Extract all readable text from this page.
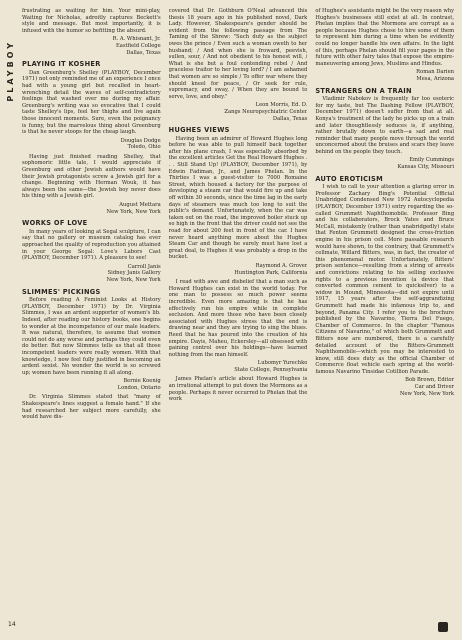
PLAYBOY

frustrating as waiting for him. Your mini-play, Waiting for Nicholas, adroitly captures Beckett's style and message. But most importantly, it is infused with the humor so befitting the absurd.

R. A. Whisnant, Jr.
Eastfield College
Dallas, Texas
PLAYING IT KOSHER

Dan Greenburg's Shelley (PLAYBOY, December 1971) not only reminded me of an experience I once had with a young girl but recalled in heart-wrenching detail the waves of self-contradictory feelings that washed over me during my affair. Greenburg's writing was so evocative that I could taste Shelley's lips, feel her thighs and live again those innocent moments. Sure, even the poignancy is funny, but the marvelous thing about Greenburg is that he never stoops for the cheap laugh.

Douglas Dodge
Toledo, Ohio

Having just finished reading Shelley, that sophomoric little tale, I would appreciate if Greenburg and other Jewish authors would have their Jewish protagonists screw a Jewish girl for a change. Beginning with Herman Wouk, it has always been the same—the Jewish boy never does his thing with a Jewish girl.

August Mettara
New York, New York
WORKS OF LOVE

In many years of looking at Segal sculpture, I can say that no gallery or museum catalog has ever approached the quality of reproduction you attained in your George Segal: Love's Labors Cast (PLAYBOY, December 1971). A pleasure to see!

Carroll Janis
Sidney Janis Gallery
New York, New York
SLIMMES' PICKINGS

Before reading A Feminist Looks at History (PLAYBOY, December 1971) by Dr. Virginia Slimmes, I was an ardent supporter of women's lib. Indeed, after reading our history books, one begins to wonder at the incompetence of our male leaders. It was natural, therefore, to assume that women could not do any worse and perhaps they could even do better. But now Slimmes tells us that all those incompetent leaders were really women. With that knowledge, I now feel fully justified in becoming an ardent sexist. No wonder the world is so screwed up; women have been running it all along.

Bernie Koenig
London, Ontario

Dr. Virginia Slimmes stated that "many of Shakespeare's lines suggest a female hand." If she had researched her subject more carefully, she would have dis-

covered that Dr. Gothburn O'Neal advanced this thesis 18 years ago in his published novel, Dark Lady. However, Shakespeare's gender should be evident from the following passage from The Taming of the Shrew: "Such duty as the subject owes the prince / Even such a woman oweth to her husband; / And when she is froward, peevish, sullen, sour, / And not obedient to his honest will, / What is she but a foul contending rebel / And graceless traitor to her loving lord? / I am ashamed that women are so simple / To offer war where they should kneel for peace, / Or seek for rule, supremacy, and sway, / When they are bound to serve, love, and obey."

Leon Morris, Ed. D.
Zangs Neuropsychiatric Center
Dallas, Texas
HUGHES VIEWS

Having been an admirer of Howard Hughes long before he was able to pull himself back together after his plane crash, I was especially absorbed by the excellent articles Get the Real Howard Hughes . . . Still Stand Up! (PLAYBOY, December 1971), by Edwin Fadiman, Jr., and James Phelan. In the Thirties I was a guest-visitor to 7000 Romaine Street, which housed a factory for the purpose of developing a steam car that would fire up and take off within 30 seconds, since the time lag in the early days of steamers was much too long to suit the public's demand. Unfortunately, when the car was taken out on the road, the improved boiler stuck up so high in the front that the driver could not see the road for about 200 feet in front of the car. I have never heard anything more about the Hughes Steam Car and though he surely must have lost a great deal, to Hughes it was probably a drop in the bucket.

Raymond A. Grover
Huntington Park, California

I read with awe and disbelief that a man such as Howard Hughes can exist in the world today. For one man to possess so much power seems incredible. Even more amazing is that he has effectively run his empire while in complete seclusion. And more those who have been closely associated with Hughes stress that the end is drawing near and they are trying to sing the blues. Reed that he has poured into the creation of his empire. Dayis, Maheu, Eckersley—all obsessed with gaining control over his holdings—have learned nothing from the man himself.

Lubomyr Yurechko
State College, Pennsylvania

James Phelan's article about Howard Hughes is an irrational attempt to put down the Mormons as a people. Perhaps it never occurred to Phelan that the work

of Hughes's assistants might be the very reason why Hughes's businesses still exist at all. In contrast, Phelan implies that the Mormons are corrupt as a people because Hughes chose to hire some of them to represent him during a time when he evidently could no longer handle his own affairs. In the light of this, perhaps Phelan should fill your pages in the future with other fairy tales that expose the empire-maneuvering among Jews, Muslims and Hindus.

Roman Darien
Mesa, Arizona
STRANGERS ON A TRAIN

Vladimir Nabokov is frequently far too esoteric for my taste, but The Dashing Fellow (PLAYBOY, December 1971) doesn't suffer from that at all. Konya's treatment of the lady he picks up on a train and later thoughtlessly seduces is, if anything, rather brutally down to earth—a sad and real reminder that many people move through the world unconcerned about the bruises and scars they leave behind on the people they touch.

Emily Cummings
Kansas City, Missouri
AUTO EROTICISM

I wish to call to your attention a glaring error in Professor Zachary Bing's Potential Official Unabridged Condensed New 1972 Autocyclopedia (PLAYBOY, December 1971) entry regarding the so-called Grummett Naphthomobile. Professor Bing and his collaborators, Brock Yates and Bruce McCall, mistakenly (rather than unabridgedly) state that Fenton Grummett designed the cross-friction engine in his prison cell. More passable research would have shown, to the contrary, that Grummett's cellmate, Willard Bitters, was, in fact, the creator of this phenomenal motor. Unfortunately, Bitters' prison sentence—resulting from a string of arrests and convictions relating to his selling exclusive rights to a previous invention (a device that converted common cement to quicksilver) to a widow in Mound, Minnesota—did not expire until 1917, 15 years after the self-aggrandizing Grummett had made his infamous trip to, and beyond, Panama City. I refer you to the brochure published by the Navarino, Tierra Del Fuego, Chamber of Commerce. In the chapter "Famous Citizens of Navarino," of which both Grummett and Bitters now are numbered, there is a carefully detailed account of the Bitters-Grummett Naphthomobile—which you may be interested to know, still does duty as the official Chamber of Commerce float vehicle each spring at the world-famous Navarino Tinsidae Cotillion Parade.

Bob Brown, Editor
Car and Driver
New York, New York
14
